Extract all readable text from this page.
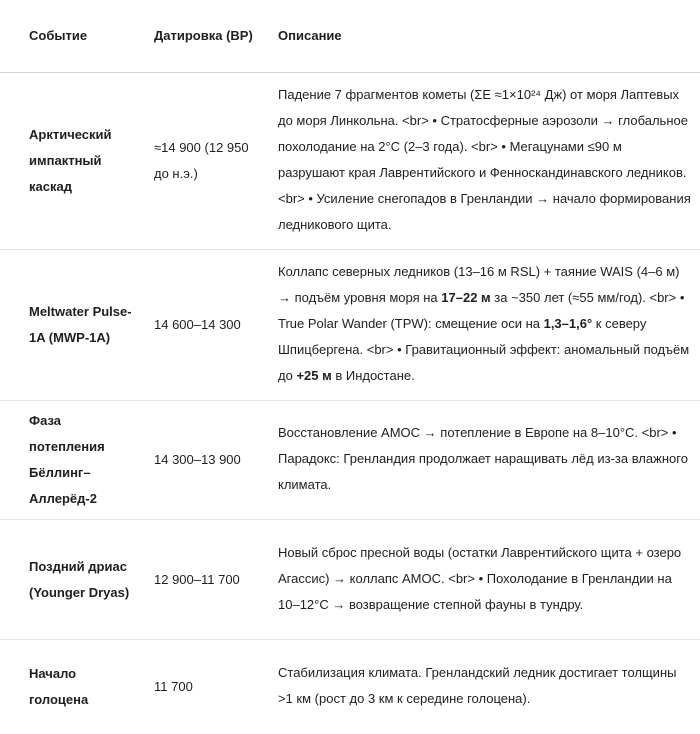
Событие	Датировка (BP)	Описание
Арктический импактный каскад	≈14 900 (12 950 до н.э.)	Падение 7 фрагментов кометы (ΣE ≈1×10²⁴ Дж) от моря Лаптевых до моря Линкольна. <br> • Стратосферные аэрозоли → глобальное похолодание на 2°C (2–3 года). <br> • Мегацунами ≤90 м разрушают края Лаврентийского и Фенноскандинавского ледников. <br> • Усиление снегопадов в Гренландии → начало формирования ледникового щита.
Meltwater Pulse-1A (MWP-1A)	14 600–14 300	Коллапс северных ледников (13–16 м RSL) + таяние WAIS (4–6 м) → подъём уровня моря на 17–22 м за ~350 лет (≈55 мм/год). <br> • True Polar Wander (TPW): смещение оси на 1,3–1,6° к северу Шпицбергена. <br> • Гравитационный эффект: аномальный подъём до +25 м в Индостане.
Фаза потепления Бёллинг–Аллерёд-2	14 300–13 900	Восстановление AMOC → потепление в Европе на 8–10°C. <br> • Парадокс: Гренландия продолжает наращивать лёд из-за влажного климата.
Поздний дриас (Younger Dryas)	12 900–11 700	Новый сброс пресной воды (остатки Лаврентийского щита + озеро Агассис) → коллапс AMOC. <br> • Похолодание в Гренландии на 10–12°C → возвращение степной фауны в тундру.
Начало голоцена	11 700	Стабилизация климата. Гренландский ледник достигает толщины >1 км (рост до 3 км к середине голоцена).
